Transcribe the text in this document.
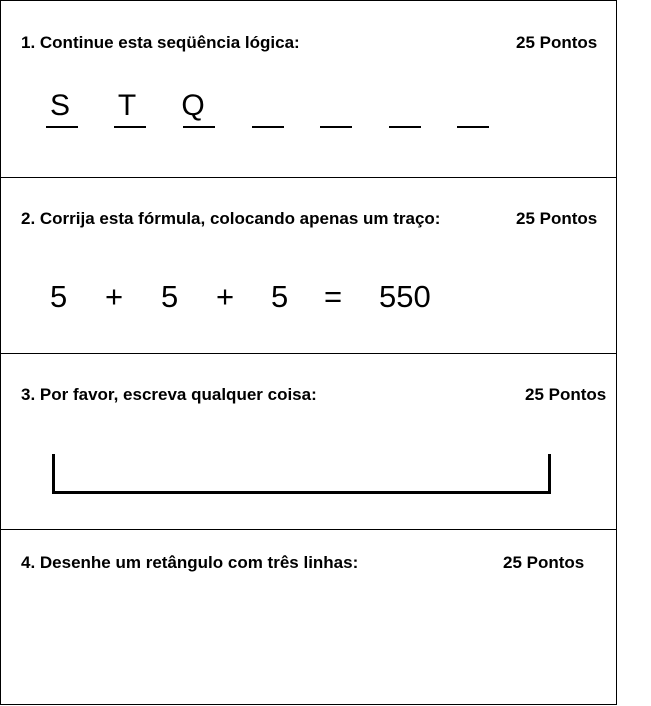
1. Continue esta seqüência lógica:	25 Pontos
S T Q
2. Corrija esta fórmula, colocando apenas um traço:	25 Pontos
5 + 5 + 5 = 550
3. Por favor, escreva qualquer coisa:	25 Pontos
4. Desenhe um retângulo com três linhas:	25 Pontos
